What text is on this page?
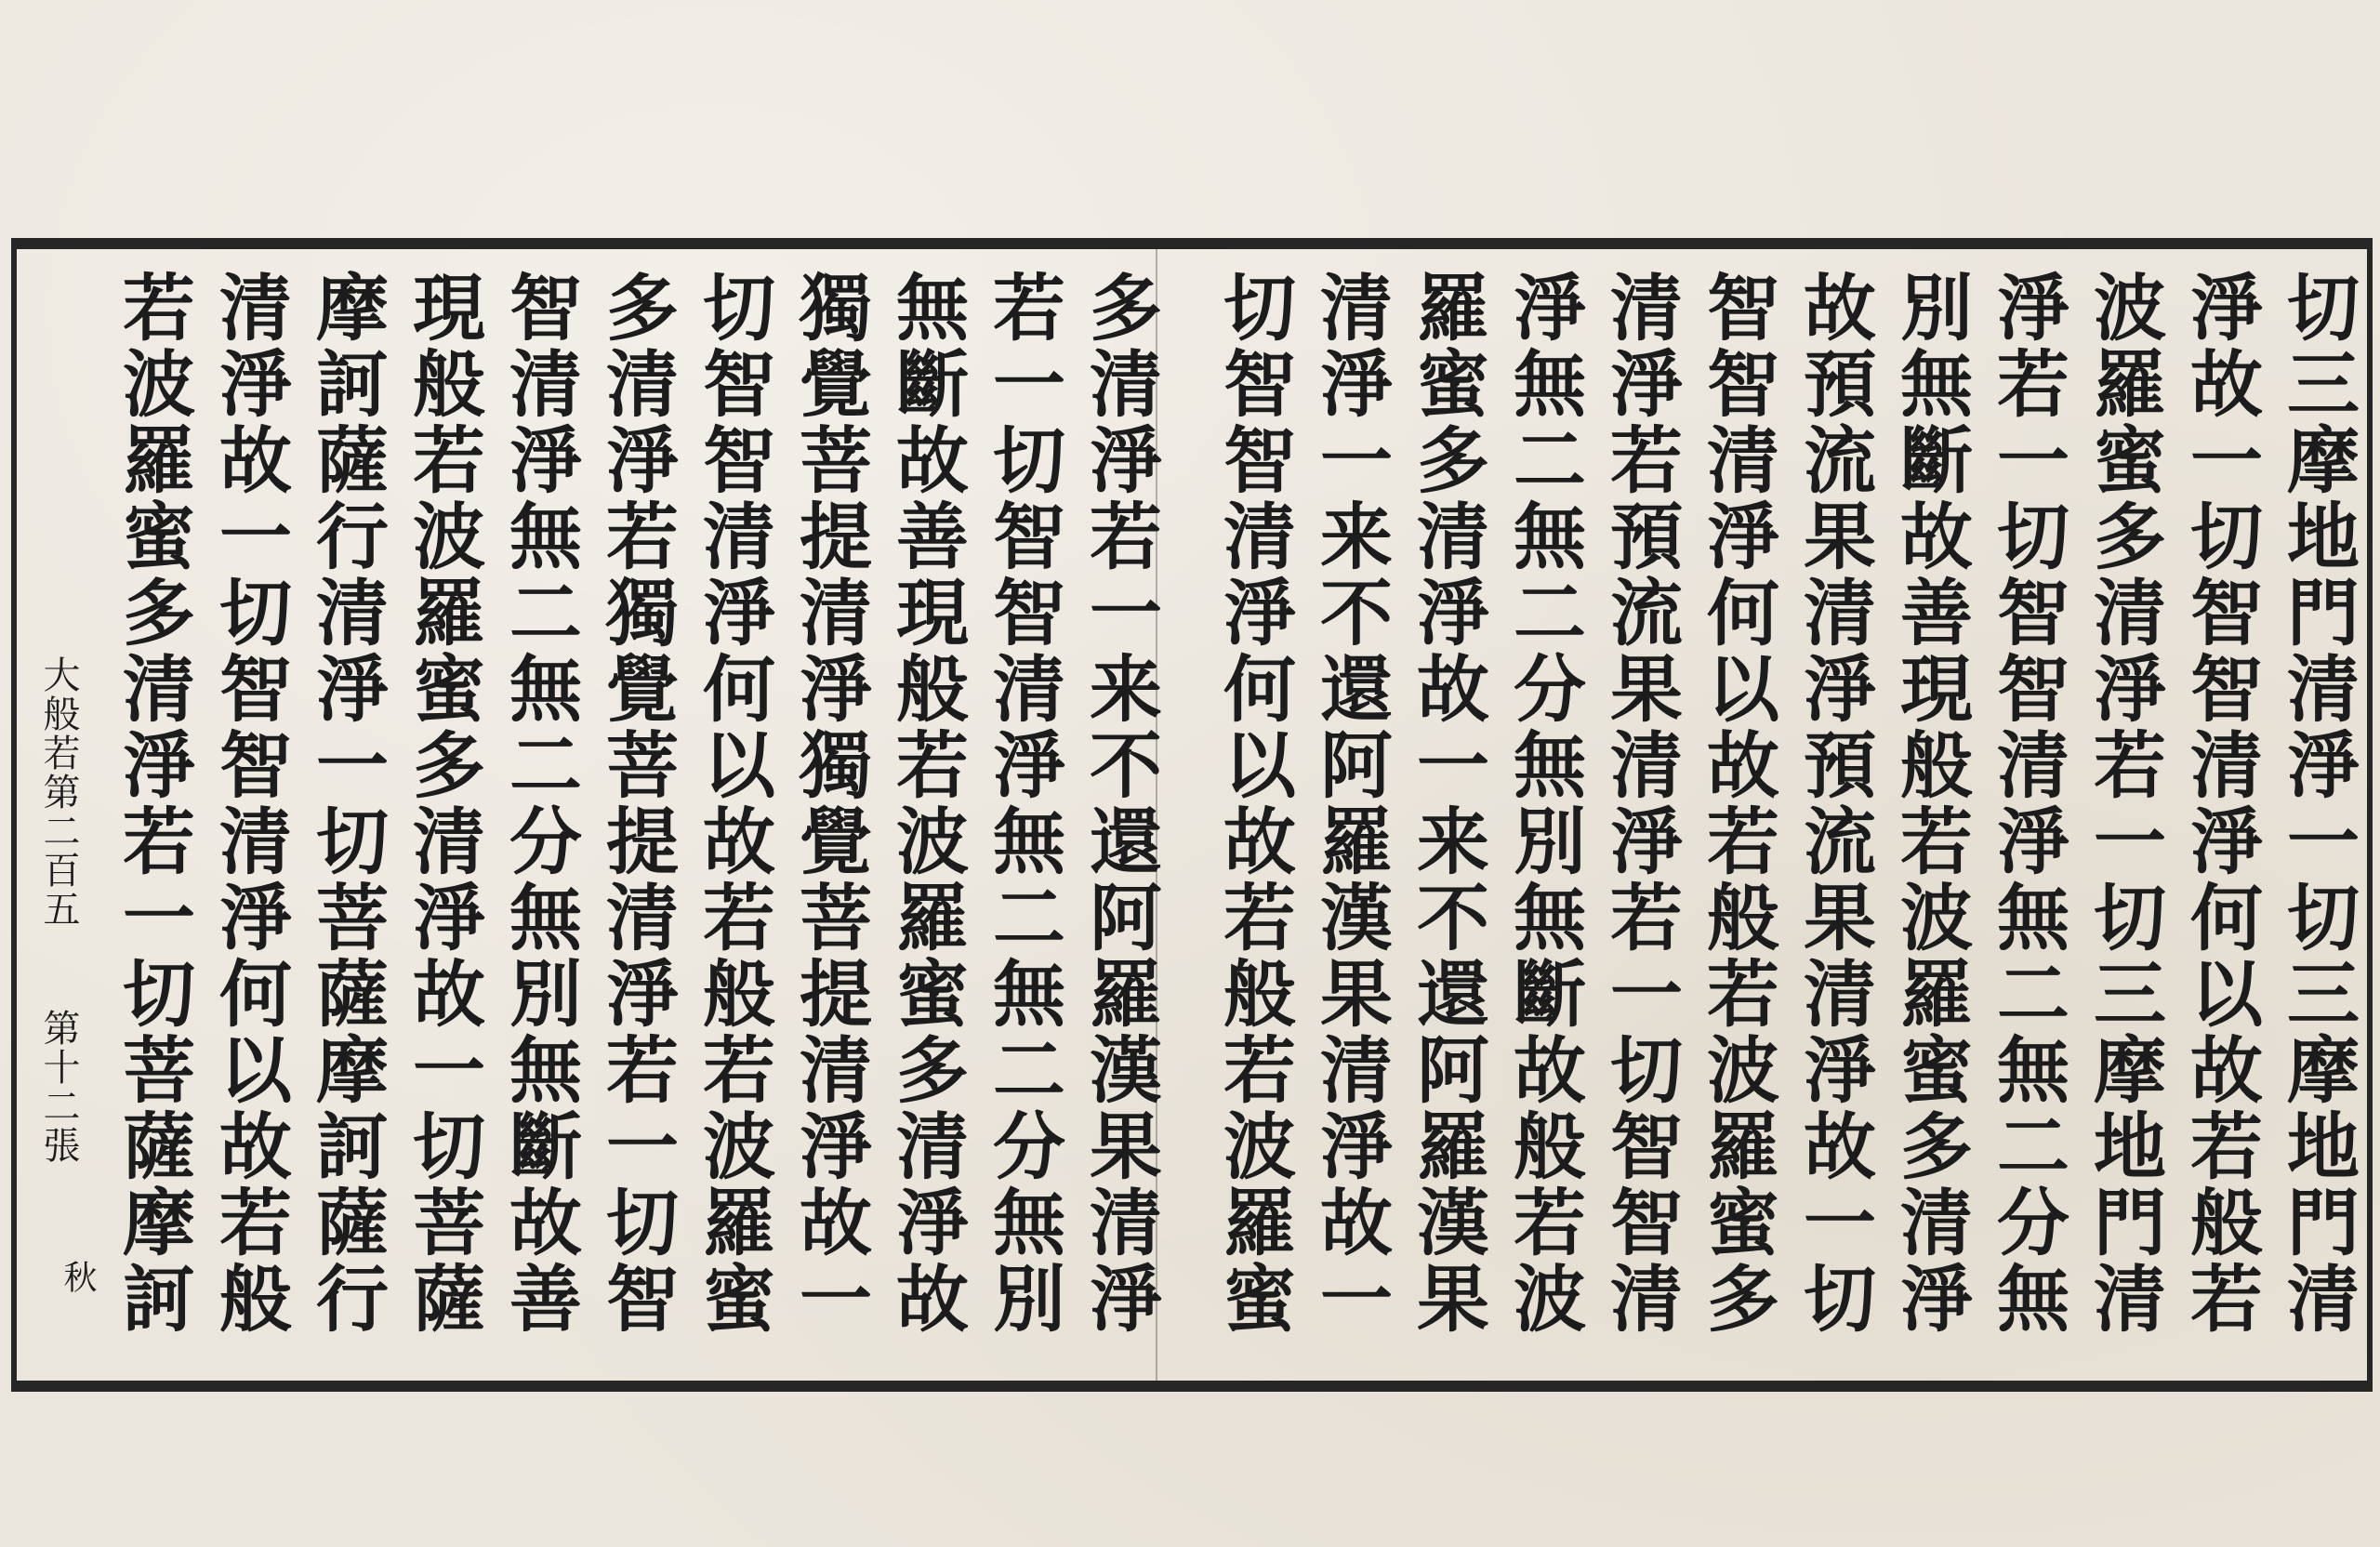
切三摩地門清淨一切三摩地門清
淨故一切智智清淨何以故若般若
波羅蜜多清淨若一切三摩地門清
淨若一切智智清淨無二無二分無
別無斷故善現般若波羅蜜多清淨
故預流果清淨預流果清淨故一切
智智清淨何以故若般若波羅蜜多
清淨若預流果清淨若一切智智清
淨無二無二分無別無斷故般若波
羅蜜多清淨故一来不還阿羅漢果
清淨一来不還阿羅漢果清淨故一
切智智清淨何以故若般若波羅蜜
多清淨若一来不還阿羅漢果清淨
若一切智智清淨無二無二分無別
無斷故善現般若波羅蜜多清淨故
獨覺菩提清淨獨覺菩提清淨故一
切智智清淨何以故若般若波羅蜜
多清淨若獨覺菩提清淨若一切智
智清淨無二無二分無別無斷故善
現般若波羅蜜多清淨故一切菩薩
摩訶薩行清淨一切菩薩摩訶薩行
清淨故一切智智清淨何以故若般
若波羅蜜多清淨若一切菩薩摩訶
大般若第二百五
第十二張
秋
